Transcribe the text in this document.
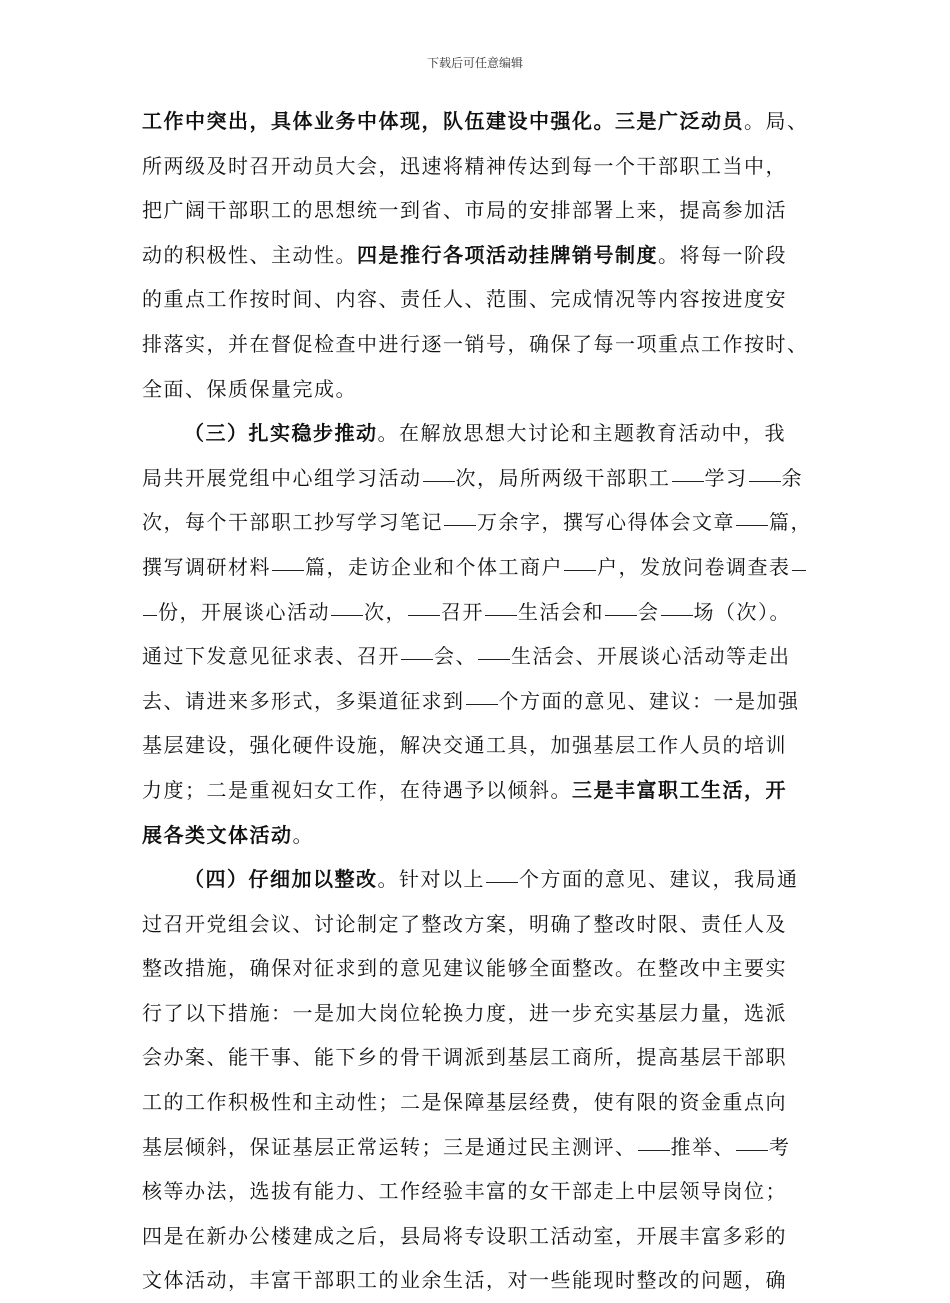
下载后可任意编辑
工作中突出，具体业务中体现，队伍建设中强化。三是广泛动员。局、
所两级及时召开动员大会，迅速将精神传达到每一个干部职工当中，
把广阔干部职工的思想统一到省、市局的安排部署上来，提高参加活
动的积极性、主动性。四是推行各项活动挂牌销号制度。将每一阶段
的重点工作按时间、内容、责任人、范围、完成情况等内容按进度安
排落实，并在督促检查中进行逐一销号，确保了每一项重点工作按时、
全面、保质保量完成。
（三）扎实稳步推动。在解放思想大讨论和主题教育活动中，我
局共开展党组中心组学习活动 次，局所两级干部职工 学习 余
次，每个干部职工抄写学习笔记 万余字，撰写心得体会文章 篇，
撰写调研材料 篇，走访企业和个体工商户 户，发放问卷调查表
份，开展谈心活动 次， 召开 生活会和 会 场（次）。
通过下发意见征求表、召开 会、 生活会、开展谈心活动等走出
去、请进来多形式，多渠道征求到 个方面的意见、建议：一是加强
基层建设，强化硬件设施，解决交通工具，加强基层工作人员的培训
力度；二是重视妇女工作，在待遇予以倾斜。三是丰富职工生活，开
展各类文体活动。
（四）仔细加以整改。针对以上 个方面的意见、建议，我局通
过召开党组会议、讨论制定了整改方案，明确了整改时限、责任人及
整改措施，确保对征求到的意见建议能够全面整改。在整改中主要实
行了以下措施：一是加大岗位轮换力度，进一步充实基层力量，选派
会办案、能干事、能下乡的骨干调派到基层工商所，提高基层干部职
工的工作积极性和主动性；二是保障基层经费，使有限的资金重点向
基层倾斜，保证基层正常运转；三是通过民主测评、 推举、 考
核等办法，选拔有能力、工作经验丰富的女干部走上中层领导岗位；
四是在新办公楼建成之后，县局将专设职工活动室，开展丰富多彩的
文体活动，丰富干部职工的业余生活，对一些能现时整改的问题，确
